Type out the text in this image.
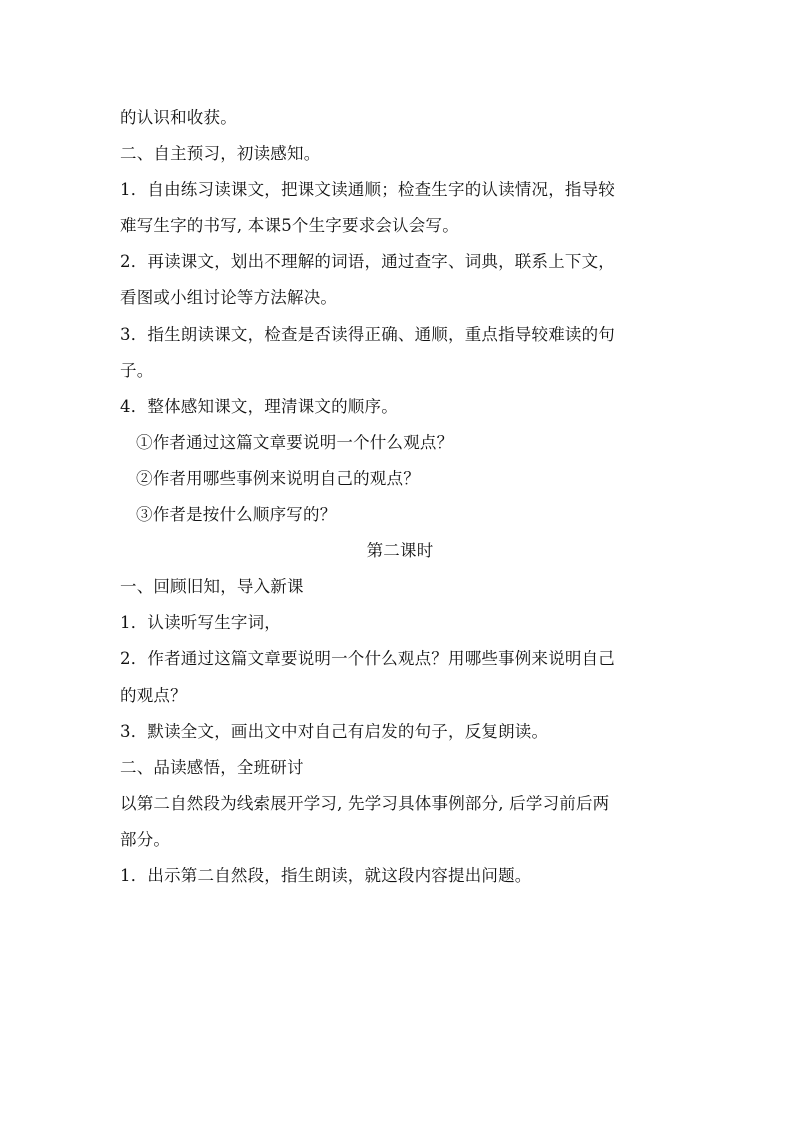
的认识和收获。
二、自主预习，初读感知。
1．自由练习读课文，把课文读通顺；检查生字的认读情况，指导较
难写生字的书写, 本课5个生字要求会认会写。
2．再读课文，划出不理解的词语，通过查字、词典，联系上下文，
看图或小组讨论等方法解决。
3．指生朗读课文，检查是否读得正确、通顺，重点指导较难读的句
子。
4．整体感知课文，理清课文的顺序。
①作者通过这篇文章要说明一个什么观点？
②作者用哪些事例来说明自己的观点？
③作者是按什么顺序写的？
第二课时
一、回顾旧知，导入新课
1．认读听写生字词，
2．作者通过这篇文章要说明一个什么观点？用哪些事例来说明自己
的观点？
3．默读全文，画出文中对自己有启发的句子，反复朗读。
二、品读感悟，全班研讨
以第二自然段为线索展开学习, 先学习具体事例部分, 后学习前后两
部分。
1．出示第二自然段，指生朗读，就这段内容提出问题。
